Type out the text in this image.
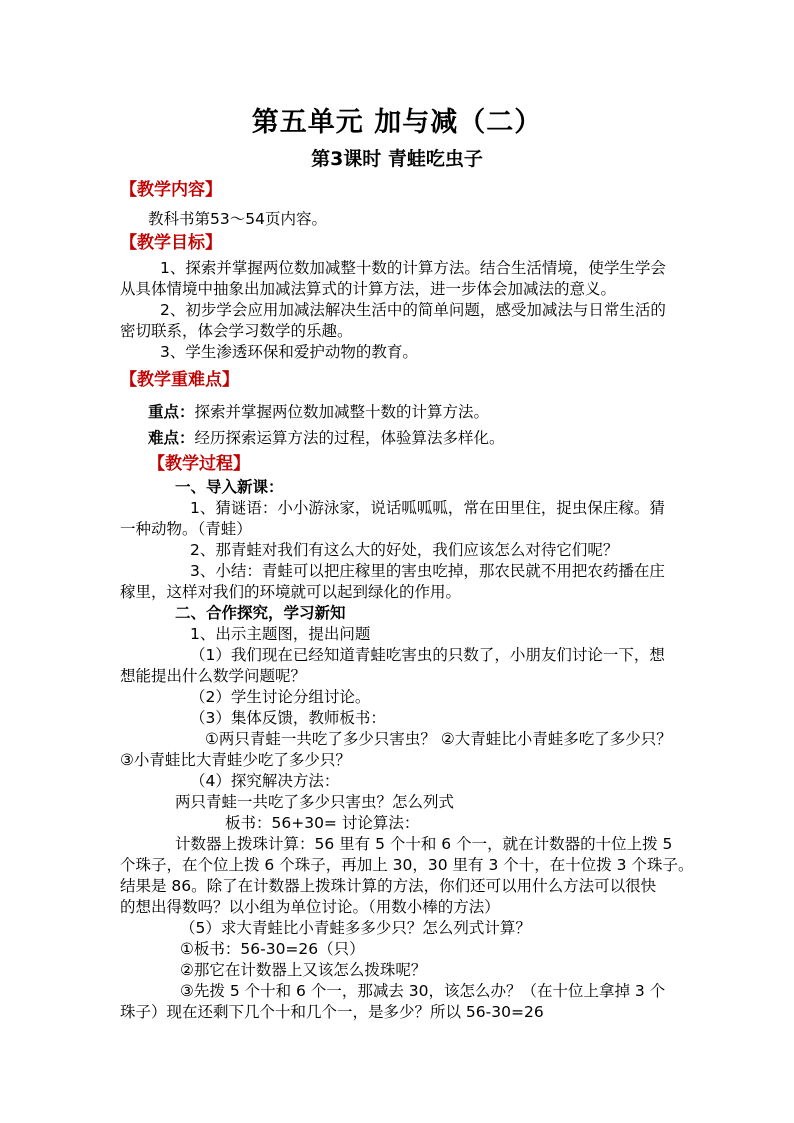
第五单元 加与减（二）
第3课时 青蛙吃虫子
【教学内容】
教科书第53～54页内容。
【教学目标】
1、探索并掌握两位数加减整十数的计算方法。结合生活情境，使学生学会
从具体情境中抽象出加减法算式的计算方法，进一步体会加减法的意义。
2、初步学会应用加减法解决生活中的简单问题，感受加减法与日常生活的
密切联系，体会学习数学的乐趣。
3、学生渗透环保和爱护动物的教育。
【教学重难点】
重点：探索并掌握两位数加减整十数的计算方法。
难点：经历探索运算方法的过程，体验算法多样化。
【教学过程】
一、导入新课：
1、猜谜语：小小游泳家，说话呱呱呱，常在田里住，捉虫保庄稼。猜
一种动物。（青蛙）
2、那青蛙对我们有这么大的好处，我们应该怎么对待它们呢？
3、小结：青蛙可以把庄稼里的害虫吃掉，那农民就不用把农药播在庄
稼里，这样对我们的环境就可以起到绿化的作用。
二、合作探究，学习新知
1、出示主题图，提出问题
（1）我们现在已经知道青蛙吃害虫的只数了，小朋友们讨论一下，想
想能提出什么数学问题呢？
（2）学生讨论分组讨论。
（3）集体反馈，教师板书：
①两只青蛙一共吃了多少只害虫？ ②大青蛙比小青蛙多吃了多少只？
③小青蛙比大青蛙少吃了多少只？
（4）探究解决方法：
两只青蛙一共吃了多少只害虫？怎么列式
板书：56+30= 讨论算法：
计数器上拨珠计算：56 里有 5 个十和 6 个一，就在计数器的十位上拨 5
个珠子，在个位上拨 6 个珠子，再加上 30，30 里有 3 个十，在十位拨 3 个珠子。
结果是 86。除了在计数器上拨珠计算的方法，你们还可以用什么方法可以很快
的想出得数吗？以小组为单位讨论。（用数小棒的方法）
（5）求大青蛙比小青蛙多多少只？怎么列式计算？
①板书：56-30=26（只）
②那它在计数器上又该怎么拨珠呢？
③先拨 5 个十和 6 个一，那减去 30，该怎么办？（在十位上拿掉 3 个
珠子）现在还剩下几个十和几个一，是多少？所以 56-30=26
